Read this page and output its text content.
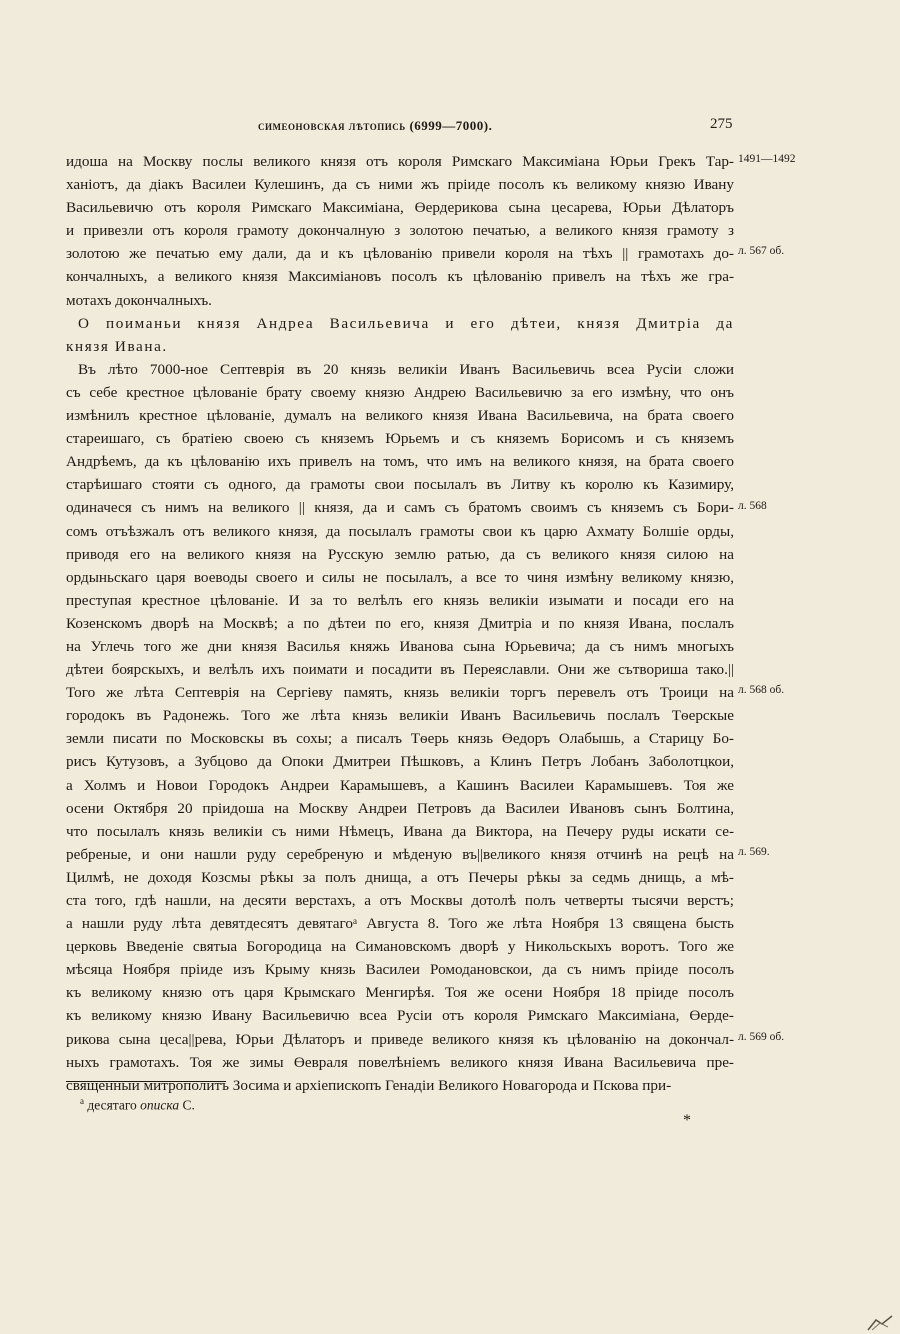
симеоновская лѣтопись (6999—7000).	275
идоша на Москву послы великого князя отъ короля Римскаго Максиміана Юрьи Грекъ Тар-
ханіотъ, да діакъ Василеи Кулешинъ, да съ ними жъ пріиде посолъ къ великому князю Ивану
Васильевичю отъ короля Римскаго Максиміана, Өердерикова сына цесарева, Юрьи Дѣлаторъ
и привезли отъ короля грамоту докончалную з золотою печатью, а великого князя грамоту з
золотою же печатью ему дали, да и къ цѣлованію привели короля на тѣхъ || грамотахъ до-
кончалныхъ, а великого князя Максиміановъ посолъ къ цѣлованію привелъ на тѣхъ же гра-
мотахъ докончалныхъ.
О поиманьи князя Андреа Васильевича и его дѣтеи, князя Дмитріа да
князя Ивана.
Въ лѣто 7000-ное Септеврія въ 20 князь великіи Иванъ Васильевичь всеа Русіи сложи
съ себе крестное цѣлованіе брату своему князю Андрею Васильевичю за его измѣну, что онъ
измѣнилъ крестное цѣлованіе, думалъ на великого князя Ивана Васильевича, на брата своего
стареишаго, съ братіею своею съ княземъ Юрьемъ и съ княземъ Борисомъ и съ княземъ
Андрѣемъ, да къ цѣлованію ихъ привелъ на томъ, что имъ на великого князя, на брата своего
старѣишаго стояти съ одного, да грамоты свои посылалъ въ Литву къ королю къ Казимиру,
одиначеся съ нимъ на великого || князя, да и самъ съ братомъ своимъ съ княземъ съ Бори-
сомъ отъѣзжалъ отъ великого князя, да посылалъ грамоты свои къ царю Ахмату Болшіе орды,
приводя его на великого князя на Русскую землю ратью, да съ великого князя силою на
ордыньскаго царя воеводы своего и силы не посылалъ, а все то чиня измѣну великому князю,
преступая крестное цѣлованіе. И за то велѣлъ его князь великіи изымати и посади его на
Козенскомъ дворѣ на Москвѣ; а по дѣтеи по его, князя Дмитріа и по князя Ивана, послалъ
на Углечь того же дни князя Василья княжь Иванова сына Юрьевича; да съ нимъ многыхъ
дѣтеи боярскыхъ, и велѣлъ ихъ поимати и посадити въ Переяславли. Они же сътвориша тако.||
Того же лѣта Септеврія на Сергіеву память, князь великіи торгъ перевелъ отъ Троици на
городокъ въ Радонежь. Того же лѣта князь великіи Иванъ Васильевичь послалъ Тѳерскые
земли писати по Московскы въ сохы; а писалъ Тѳерь князь Өедоръ Олабышь, а Старицу Бо-
рисъ Кутузовъ, а Зубцово да Опоки Дмитреи Пѣшковъ, а Клинъ Петръ Лобанъ Заболотцкои,
а Холмъ и Новои Городокъ Андреи Карамышевъ, а Кашинъ Василеи Карамышевъ. Тоя же
осени Октября 20 пріидоша на Москву Андреи Петровъ да Василеи Ивановъ сынъ Болтина,
что посылалъ князь великіи съ ними Нѣмецъ, Ивана да Виктора, на Печеру руды искати се-
ребреные, и они нашли руду серебреную и мѣденую въ||великого князя отчинѣ на рецѣ на
Цилмѣ, не доходя Козсмы рѣкы за полъ днища, а отъ Печеры рѣкы за седмь днищь, а мѣ-
ста того, гдѣ нашли, на десяти верстахъ, а отъ Москвы дотолѣ полъ четверты тысячи верстъ;
а нашли руду лѣта девятдесятъ девятагоᵃ Августа 8. Того же лѣта Ноября 13 священа бысть
церковь Введеніе святыа Богородица на Симановскомъ дворѣ у Никольскыхъ воротъ. Того же
мѣсяца Ноября пріиде изъ Крыму князь Василеи Ромодановскои, да съ нимъ пріиде посолъ
къ великому князю отъ царя Крымскаго Менгирѣя. Тоя же осени Ноября 18 пріиде посолъ
къ великому князю Ивану Васильевичю всеа Русіи отъ короля Римскаго Максиміана, Өерде-
рикова сына цеса||рева, Юрьи Дѣлаторъ и приведе великого князя къ цѣлованію на докончал-
ныхъ грамотахъ. Тоя же зимы Өевраля повелѣніемъ великого князя Ивана Васильевича пре-
священныи митрополитъ Зосима и архіепископъ Генадіи Великого Новагорода и Пскова при-
1491—1492
л. 567 об.
л. 568
л. 568 об.
л. 569.
л. 569 об.
$^а$ десятаго описка С.
*
